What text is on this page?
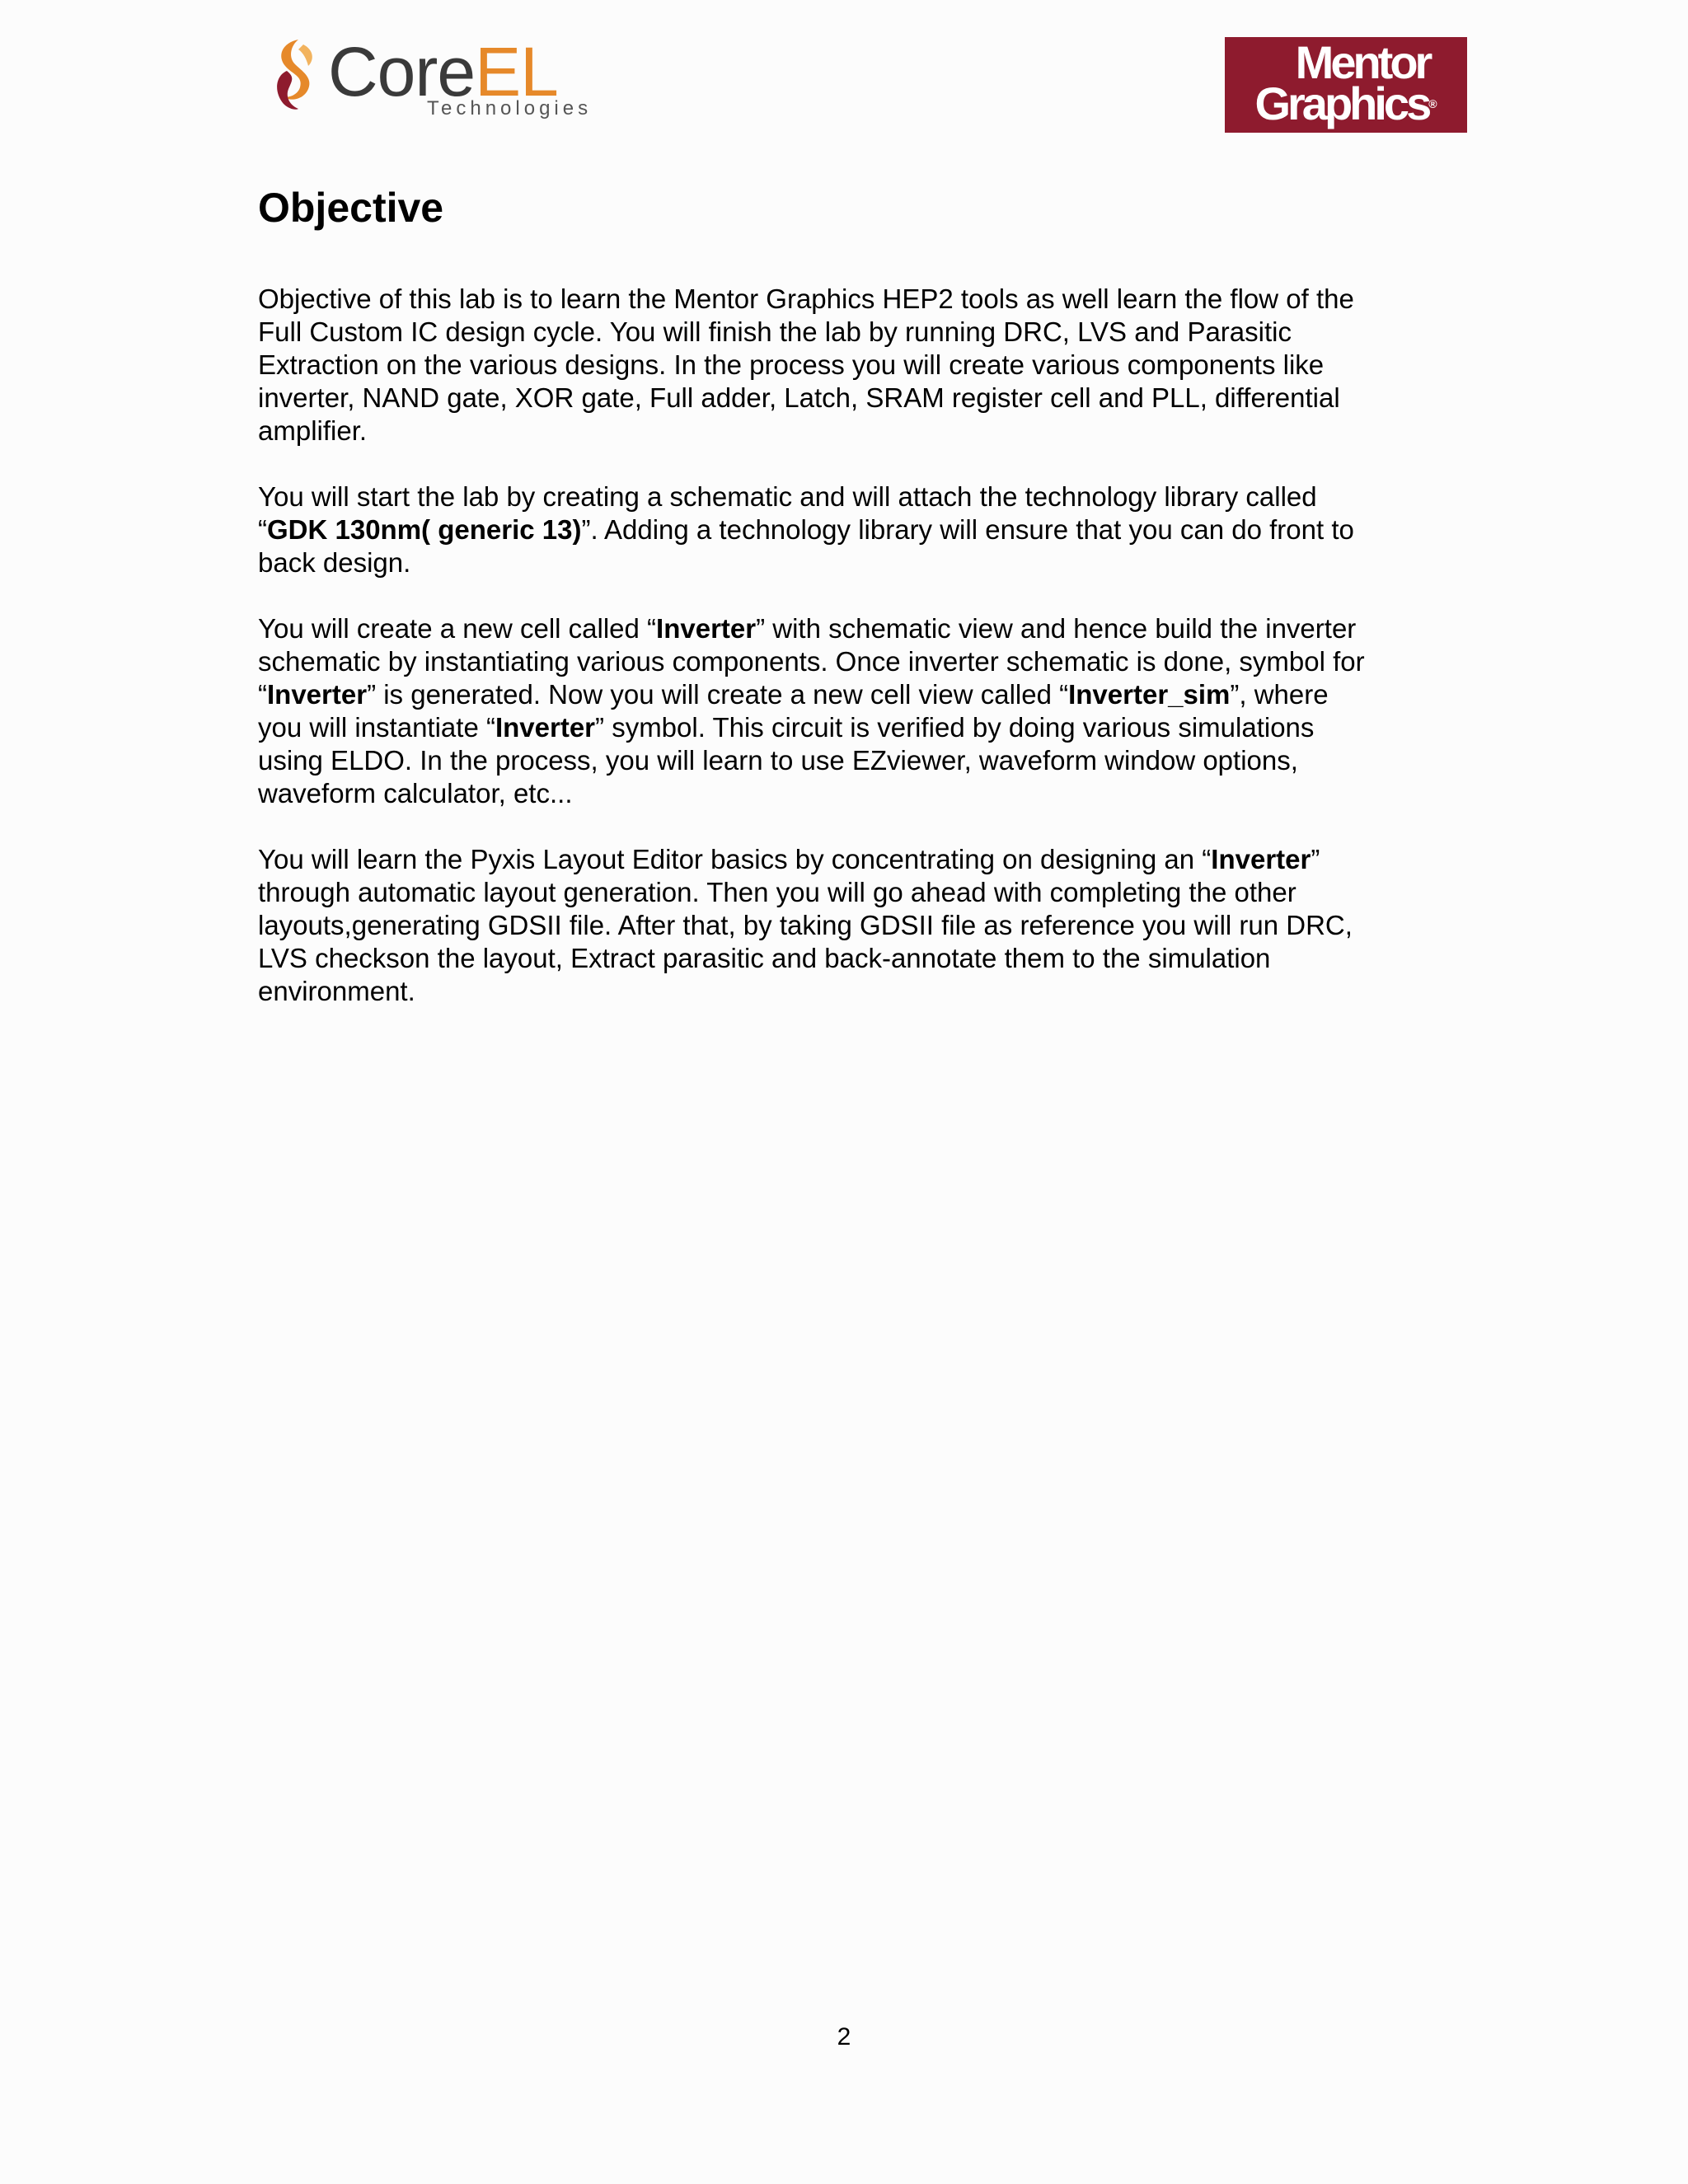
CoreEL
Technologies
Mentor
Graphics®
Objective

Objective of this lab is to learn the Mentor Graphics HEP2 tools as well learn the flow of the
Full Custom IC design cycle. You will finish the lab by running DRC, LVS and Parasitic
Extraction on the various designs. In the process you will create various components like
inverter, NAND gate, XOR gate, Full adder, Latch, SRAM register cell and PLL, differential
amplifier.

You will start the lab by creating a schematic and will attach the technology library called
“GDK 130nm( generic 13)”. Adding a technology library will ensure that you can do front to
back design.

You will create a new cell called “Inverter” with schematic view and hence build the inverter
schematic by instantiating various components. Once inverter schematic is done, symbol for
“Inverter” is generated. Now you will create a new cell view called “Inverter_sim”, where
you will instantiate “Inverter” symbol. This circuit is verified by doing various simulations
using ELDO. In the process, you will learn to use EZviewer, waveform window options,
waveform calculator, etc...

You will learn the Pyxis Layout Editor basics by concentrating on designing an “Inverter”
through automatic layout generation. Then you will go ahead with completing the other
layouts,generating GDSII file. After that, by taking GDSII file as reference you will run DRC,
LVS checkson the layout, Extract parasitic and back-annotate them to the simulation
environment.

2
